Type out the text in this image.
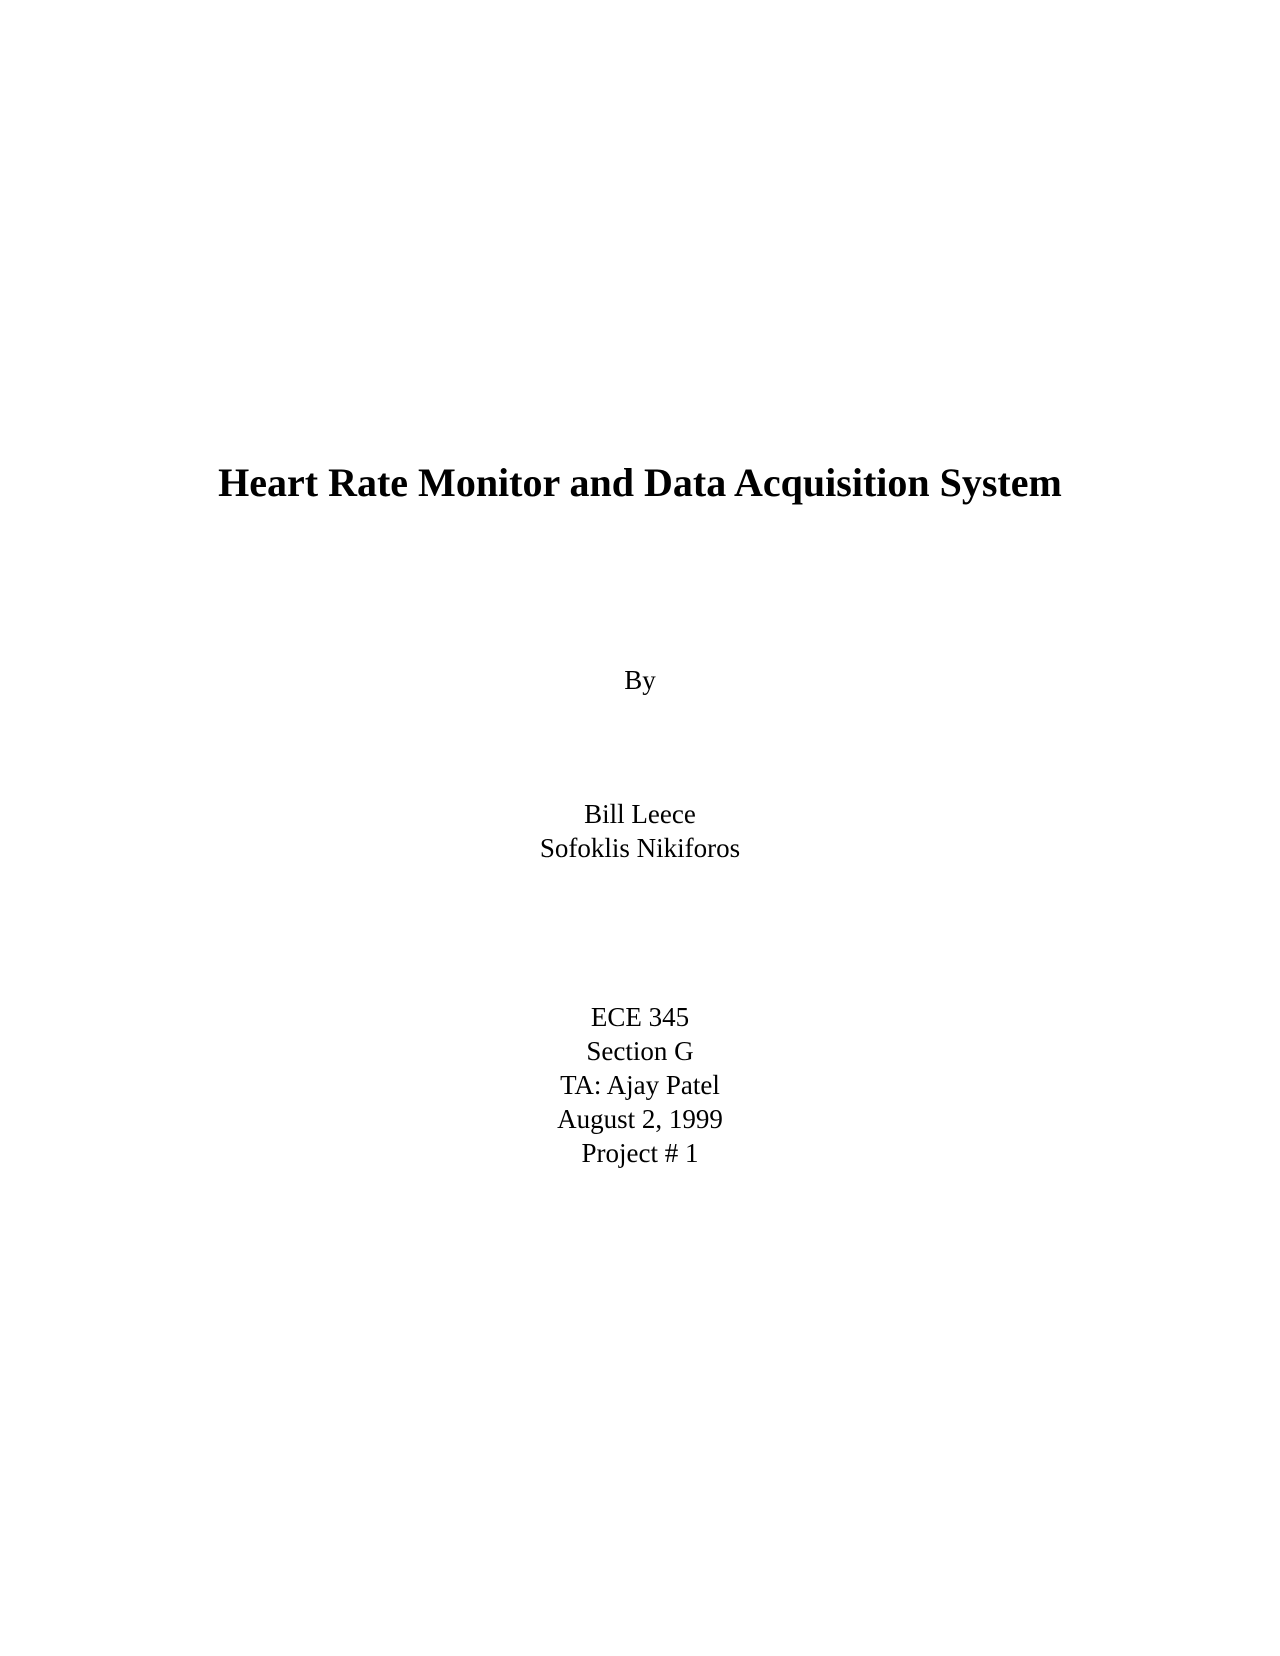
Heart Rate Monitor and Data Acquisition System
By
Bill Leece
Sofoklis Nikiforos
ECE 345
Section G
TA: Ajay Patel
August 2, 1999
Project # 1
